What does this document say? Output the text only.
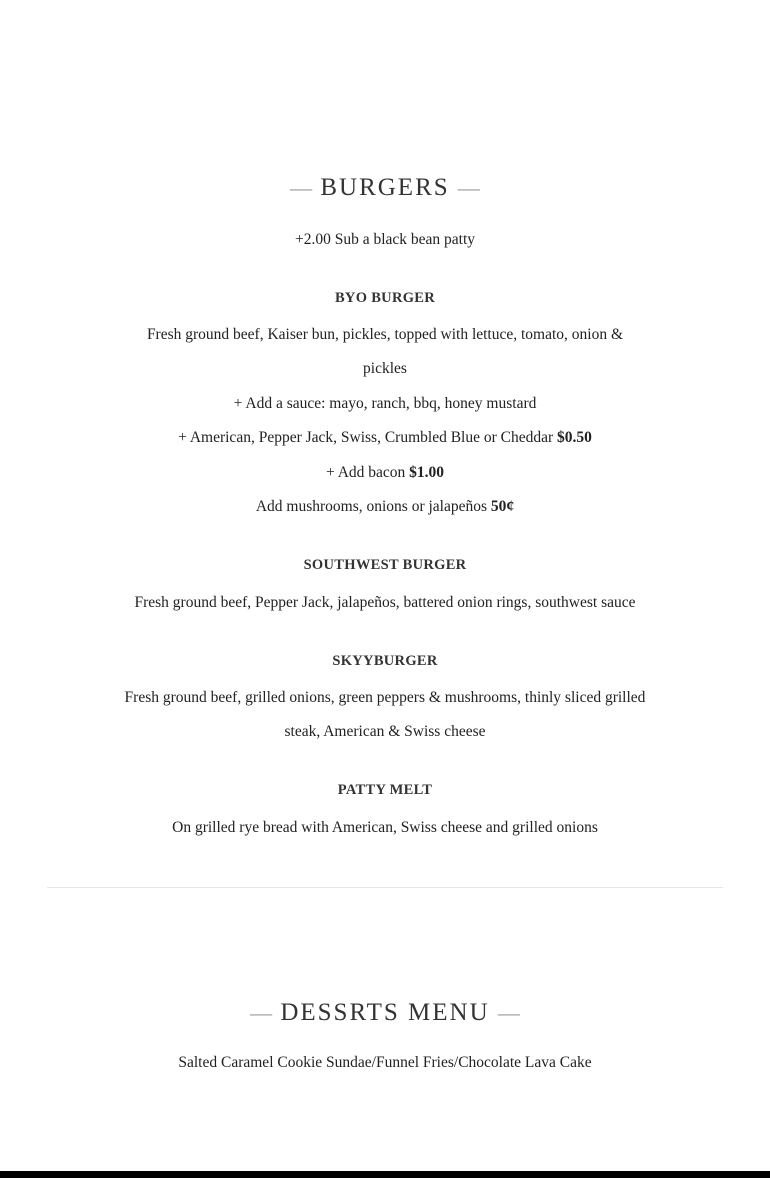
— BURGERS —

+2.00 Sub a black bean patty

BYO BURGER

Fresh ground beef, Kaiser bun, pickles, topped with lettuce, tomato, onion &

pickles

+ Add a sauce: mayo, ranch, bbq, honey mustard

+ American, Pepper Jack, Swiss, Crumbled Blue or Cheddar $0.50

+ Add bacon $1.00

Add mushrooms, onions or jalapeños 50¢

SOUTHWEST BURGER

Fresh ground beef, Pepper Jack, jalapeños, battered onion rings, southwest sauce

SKYYBURGER

Fresh ground beef, grilled onions, green peppers & mushrooms, thinly sliced grilled

steak, American & Swiss cheese

PATTY MELT

On grilled rye bread with American, Swiss cheese and grilled onions

— DESSRTS MENU —

Salted Caramel Cookie Sundae/Funnel Fries/Chocolate Lava Cake
